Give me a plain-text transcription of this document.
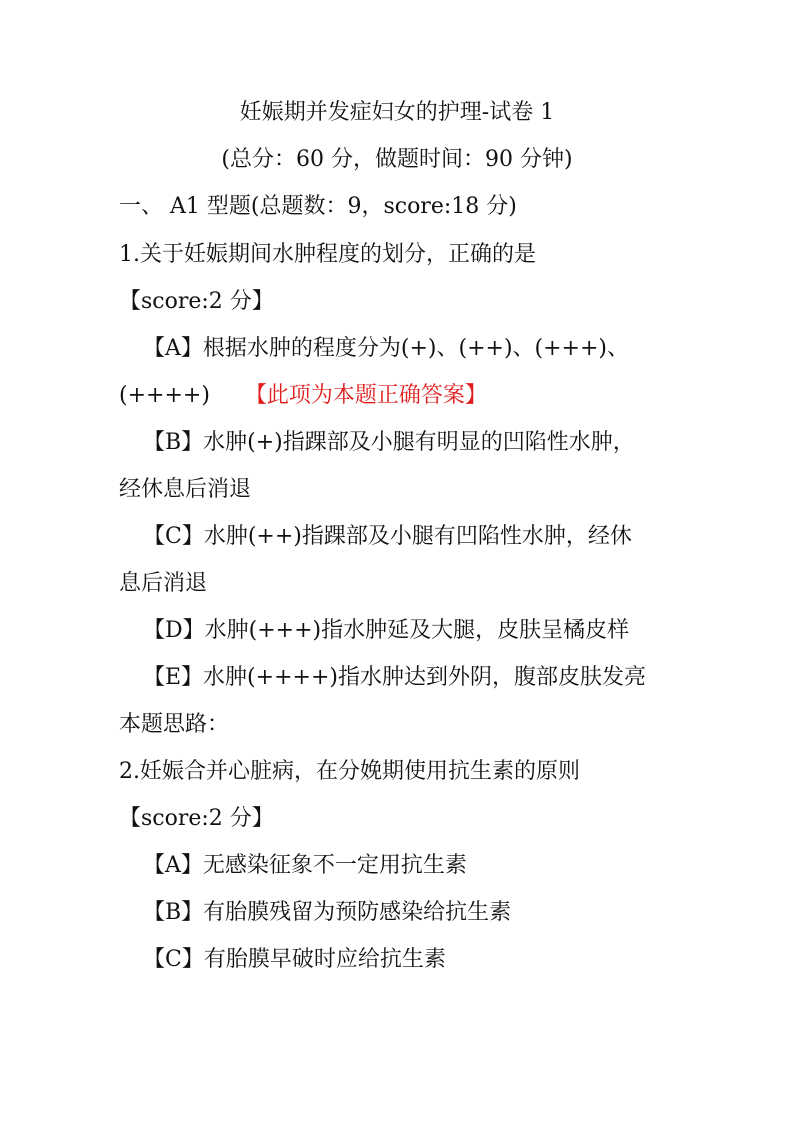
妊娠期并发症妇女的护理-试卷 1
(总分：60 分，做题时间：90 分钟)
一、 A1 型题(总题数：9，score:18 分)
1.关于妊娠期间水肿程度的划分，正确的是
【score:2 分】
【A】根据水肿的程度分为(+)、(++)、(+++)、
(++++) 【此项为本题正确答案】
【B】水肿(+)指踝部及小腿有明显的凹陷性水肿，
经休息后消退
【C】水肿(++)指踝部及小腿有凹陷性水肿，经休
息后消退
【D】水肿(+++)指水肿延及大腿，皮肤呈橘皮样
【E】水肿(++++)指水肿达到外阴，腹部皮肤发亮
本题思路：
2.妊娠合并心脏病，在分娩期使用抗生素的原则
【score:2 分】
【A】无感染征象不一定用抗生素
【B】有胎膜残留为预防感染给抗生素
【C】有胎膜早破时应给抗生素
